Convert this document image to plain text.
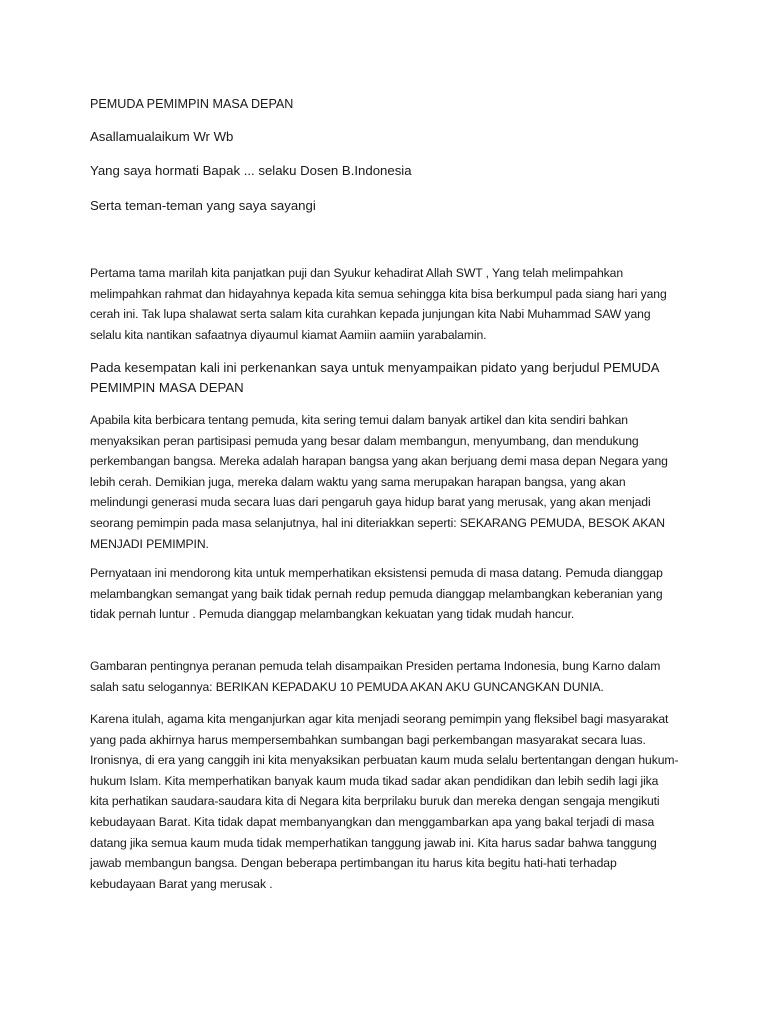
PEMUDA PEMIMPIN MASA DEPAN

Asallamualaikum Wr Wb

Yang saya hormati Bapak ... selaku Dosen B.Indonesia

Serta teman-teman yang saya sayangi

Pertama tama marilah kita panjatkan puji dan Syukur kehadirat Allah SWT , Yang telah melimpahkan melimpahkan rahmat dan hidayahnya kepada kita semua sehingga kita bisa berkumpul pada siang hari yang cerah ini. Tak lupa shalawat serta salam kita curahkan kepada junjungan kita Nabi Muhammad SAW yang selalu kita nantikan safaatnya diyaumul kiamat Aamiin aamiin yarabalamin.

Pada kesempatan kali ini perkenankan saya untuk menyampaikan pidato yang berjudul PEMUDA PEMIMPIN MASA DEPAN

Apabila kita berbicara tentang pemuda, kita sering temui dalam banyak artikel dan kita sendiri bahkan menyaksikan peran partisipasi pemuda yang besar dalam membangun, menyumbang, dan mendukung perkembangan bangsa. Mereka adalah harapan bangsa yang akan berjuang demi masa depan Negara yang lebih cerah. Demikian juga, mereka dalam waktu yang sama merupakan harapan bangsa, yang akan melindungi generasi muda secara luas dari pengaruh gaya hidup barat yang merusak, yang akan menjadi seorang pemimpin pada masa selanjutnya, hal ini diteriakkan seperti: SEKARANG PEMUDA, BESOK AKAN MENJADI PEMIMPIN.

Pernyataan ini mendorong kita untuk memperhatikan eksistensi pemuda di masa datang. Pemuda dianggap melambangkan semangat yang baik tidak pernah redup pemuda dianggap melambangkan keberanian yang tidak pernah luntur . Pemuda dianggap melambangkan kekuatan yang tidak mudah hancur.

Gambaran pentingnya peranan pemuda telah disampaikan Presiden pertama Indonesia, bung Karno dalam salah satu selogannya: BERIKAN KEPADAKU 10 PEMUDA AKAN AKU GUNCANGKAN DUNIA.

Karena itulah, agama kita menganjurkan agar kita menjadi seorang pemimpin yang fleksibel bagi masyarakat yang pada akhirnya harus mempersembahkan sumbangan bagi perkembangan masyarakat secara luas. Ironisnya, di era yang canggih ini kita menyaksikan perbuatan kaum muda selalu bertentangan dengan hukum-hukum Islam. Kita memperhatikan banyak kaum muda tikad sadar akan pendidikan dan lebih sedih lagi jika kita perhatikan saudara-saudara kita di Negara kita berprilaku buruk dan mereka dengan sengaja mengikuti kebudayaan Barat. Kita tidak dapat membanyangkan dan menggambarkan apa yang bakal terjadi di masa datang jika semua kaum muda tidak memperhatikan tanggung jawab ini. Kita harus sadar bahwa tanggung jawab membangun bangsa. Dengan beberapa pertimbangan itu harus kita begitu hati-hati terhadap kebudayaan Barat yang merusak .
